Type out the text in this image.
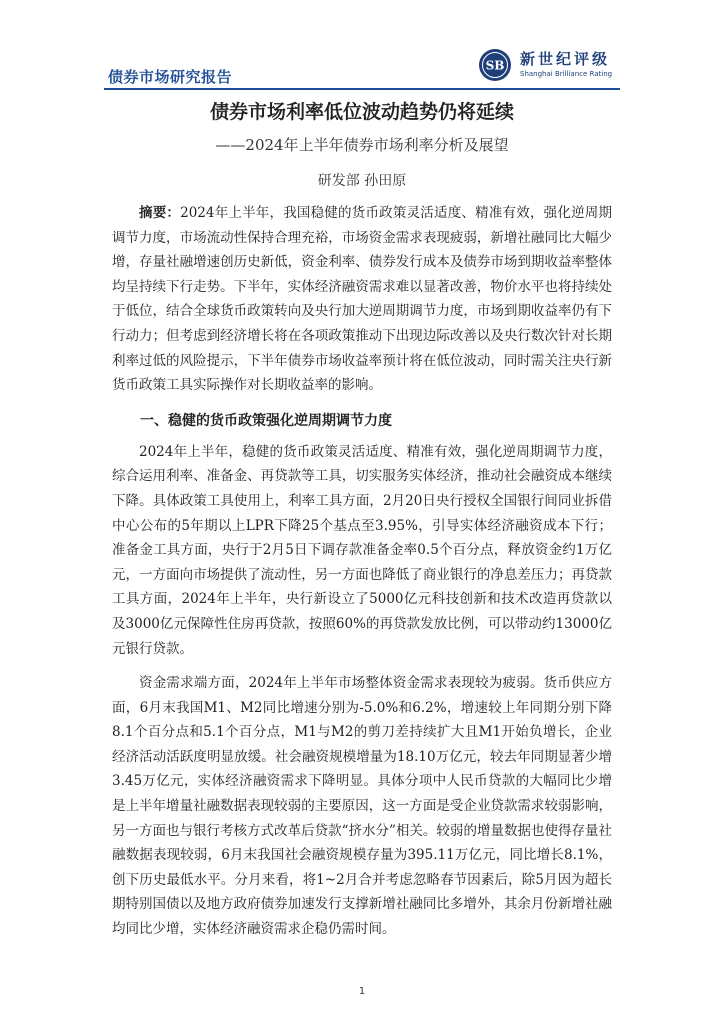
债券市场研究报告
SB 新世纪评级
Shanghai Brilliance Rating
债券市场利率低位波动趋势仍将延续
——2024年上半年债券市场利率分析及展望
研发部 孙田原

摘要：2024年上半年，我国稳健的货币政策灵活适度、精准有效，强化逆周期调节力度，市场流动性保持合理充裕，市场资金需求表现疲弱，新增社融同比大幅少增，存量社融增速创历史新低，资金利率、债券发行成本及债券市场到期收益率整体均呈持续下行走势。下半年，实体经济融资需求难以显著改善，物价水平也将持续处于低位，结合全球货币政策转向及央行加大逆周期调节力度，市场到期收益率仍有下行动力；但考虑到经济增长将在各项政策推动下出现边际改善以及央行数次针对长期利率过低的风险提示，下半年债券市场收益率预计将在低位波动，同时需关注央行新货币政策工具实际操作对长期收益率的影响。

一、稳健的货币政策强化逆周期调节力度

2024年上半年，稳健的货币政策灵活适度、精准有效，强化逆周期调节力度，综合运用利率、准备金、再贷款等工具，切实服务实体经济，推动社会融资成本继续下降。具体政策工具使用上，利率工具方面，2月20日央行授权全国银行间同业拆借中心公布的5年期以上LPR下降25个基点至3.95%，引导实体经济融资成本下行；准备金工具方面，央行于2月5日下调存款准备金率0.5个百分点，释放资金约1万亿元，一方面向市场提供了流动性，另一方面也降低了商业银行的净息差压力；再贷款工具方面，2024年上半年，央行新设立了5000亿元科技创新和技术改造再贷款以及3000亿元保障性住房再贷款，按照60%的再贷款发放比例，可以带动约13000亿元银行贷款。

资金需求端方面，2024年上半年市场整体资金需求表现较为疲弱。货币供应方面，6月末我国M1、M2同比增速分别为-5.0%和6.2%，增速较上年同期分别下降8.1个百分点和5.1个百分点，M1与M2的剪刀差持续扩大且M1开始负增长，企业经济活动活跃度明显放缓。社会融资规模增量为18.10万亿元，较去年同期显著少增3.45万亿元，实体经济融资需求下降明显。具体分项中人民币贷款的大幅同比少增是上半年增量社融数据表现较弱的主要原因，这一方面是受企业贷款需求较弱影响，另一方面也与银行考核方式改革后贷款“挤水分”相关。较弱的增量数据也使得存量社融数据表现较弱，6月末我国社会融资规模存量为395.11万亿元，同比增长8.1%，创下历史最低水平。分月来看，将1~2月合并考虑忽略春节因素后，除5月因为超长期特别国债以及地方政府债券加速发行支撑新增社融同比多增外，其余月份新增社融均同比少增，实体经济融资需求企稳仍需时间。

1
